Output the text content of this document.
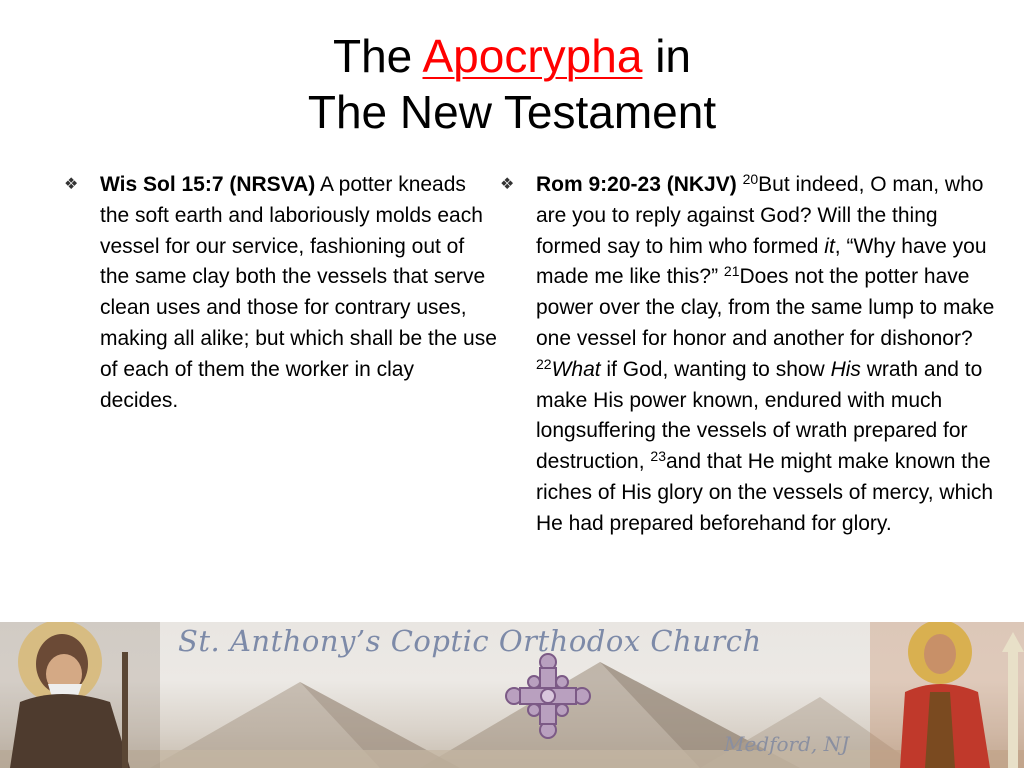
The Apocrypha in
The New Testament
❖ Wis Sol 15:7 (NRSVA) A potter kneads the soft earth and laboriously molds each vessel for our service, fashioning out of the same clay both the vessels that serve clean uses and those for contrary uses, making all alike; but which shall be the use of each of them the worker in clay decides.
❖ Rom 9:20-23 (NKJV) $^{20}$But indeed, O man, who are you to reply against God? Will the thing formed say to him who formed it, “Why have you made me like this?” $^{21}$Does not the potter have power over the clay, from the same lump to make one vessel for honor and another for dishonor? $^{22}$What if God, wanting to show His wrath and to make His power known, endured with much longsuffering the vessels of wrath prepared for destruction, $^{23}$and that He might make known the riches of His glory on the vessels of mercy, which He had prepared beforehand for glory.
St. Anthony’s Coptic Orthodox Church
Medford, NJ
